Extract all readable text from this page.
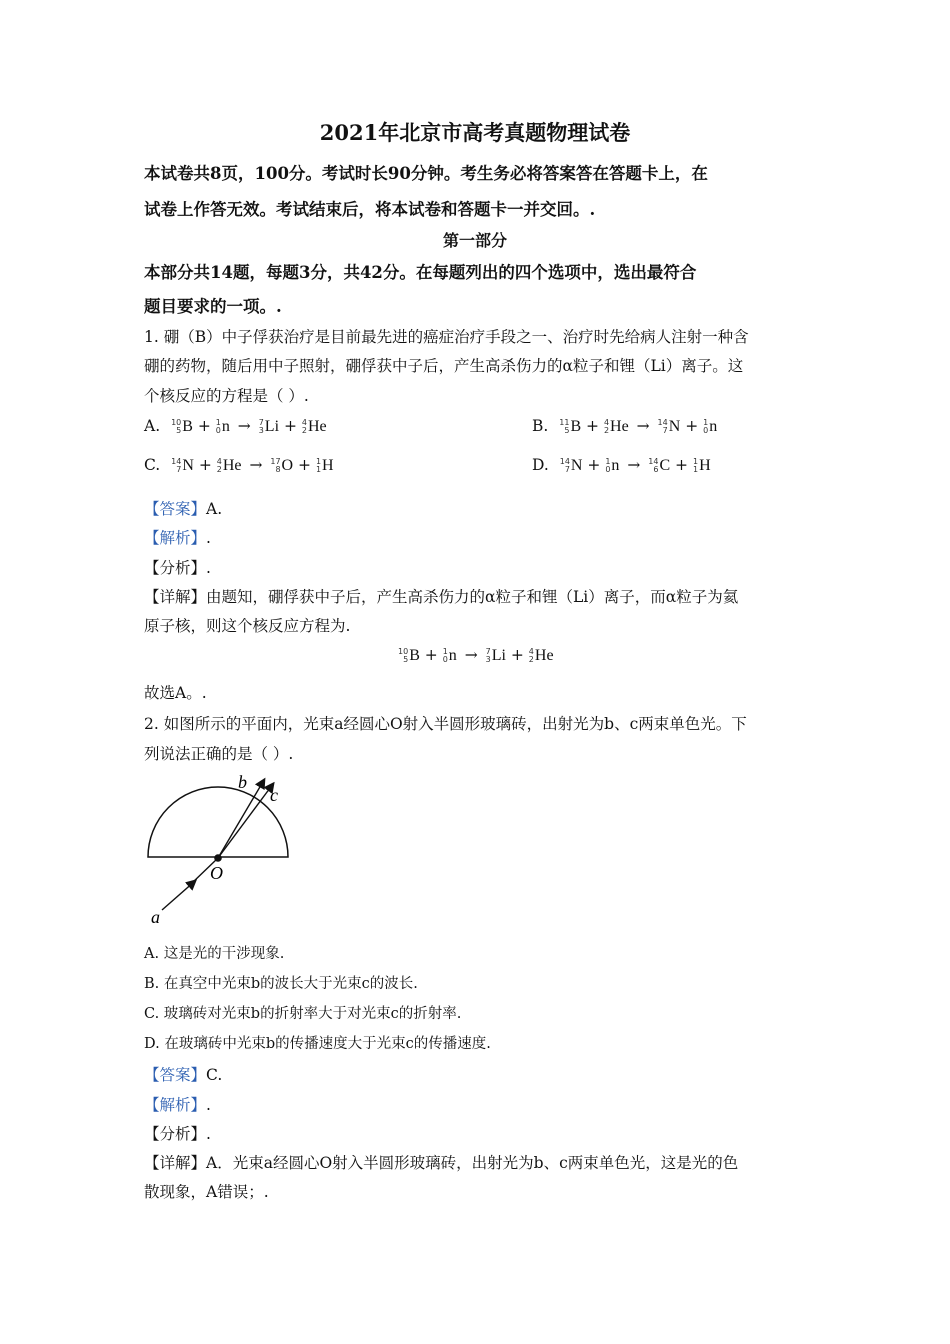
2021年北京市高考真题物理试卷
本试卷共8页，100分。考试时长90分钟。考生务必将答案答在答题卡上，在
试卷上作答无效。考试结束后，将本试卷和答题卡一并交回。.
第一部分
本部分共14题，每题3分，共42分。在每题列出的四个选项中，选出最符合
题目要求的一项。.
1. 硼（B）中子俘获治疗是目前最先进的癌症治疗手段之一、治疗时先给病人注射一种含
硼的药物，随后用中子照射，硼俘获中子后，产生高杀伤力的α粒子和锂（Li）离子。这
个核反应的方程是（ ）.
A. 10
5 B + 1
0 n → 7
3 Li + 4
2 He	B. 11
5 B + 4
2 He → 14
7 N + 1
0 n
C. 14
7 N + 4
2 He → 17
8 O + 1
1 H	D. 14
7 N + 1
0 n → 14
6 C + 1
1 H
【答案】A.
【解析】.
【分析】.
【详解】由题知，硼俘获中子后，产生高杀伤力的α粒子和锂（Li）离子，而α粒子为氦
原子核，则这个核反应方程为.
10
5 B + 1
0 n → 7
3 Li + 4
2 He
故选A。.
2. 如图所示的平面内，光束a经圆心O射入半圆形玻璃砖，出射光为b、c两束单色光。下
列说法正确的是（ ）.
b
c
O
a
A. 这是光的干涉现象.
B. 在真空中光束b的波长大于光束c的波长.
C. 玻璃砖对光束b的折射率大于对光束c的折射率.
D. 在玻璃砖中光束b的传播速度大于光束c的传播速度.
【答案】C.
【解析】.
【分析】.
【详解】A．光束a经圆心O射入半圆形玻璃砖，出射光为b、c两束单色光，这是光的色
散现象，A错误；.
